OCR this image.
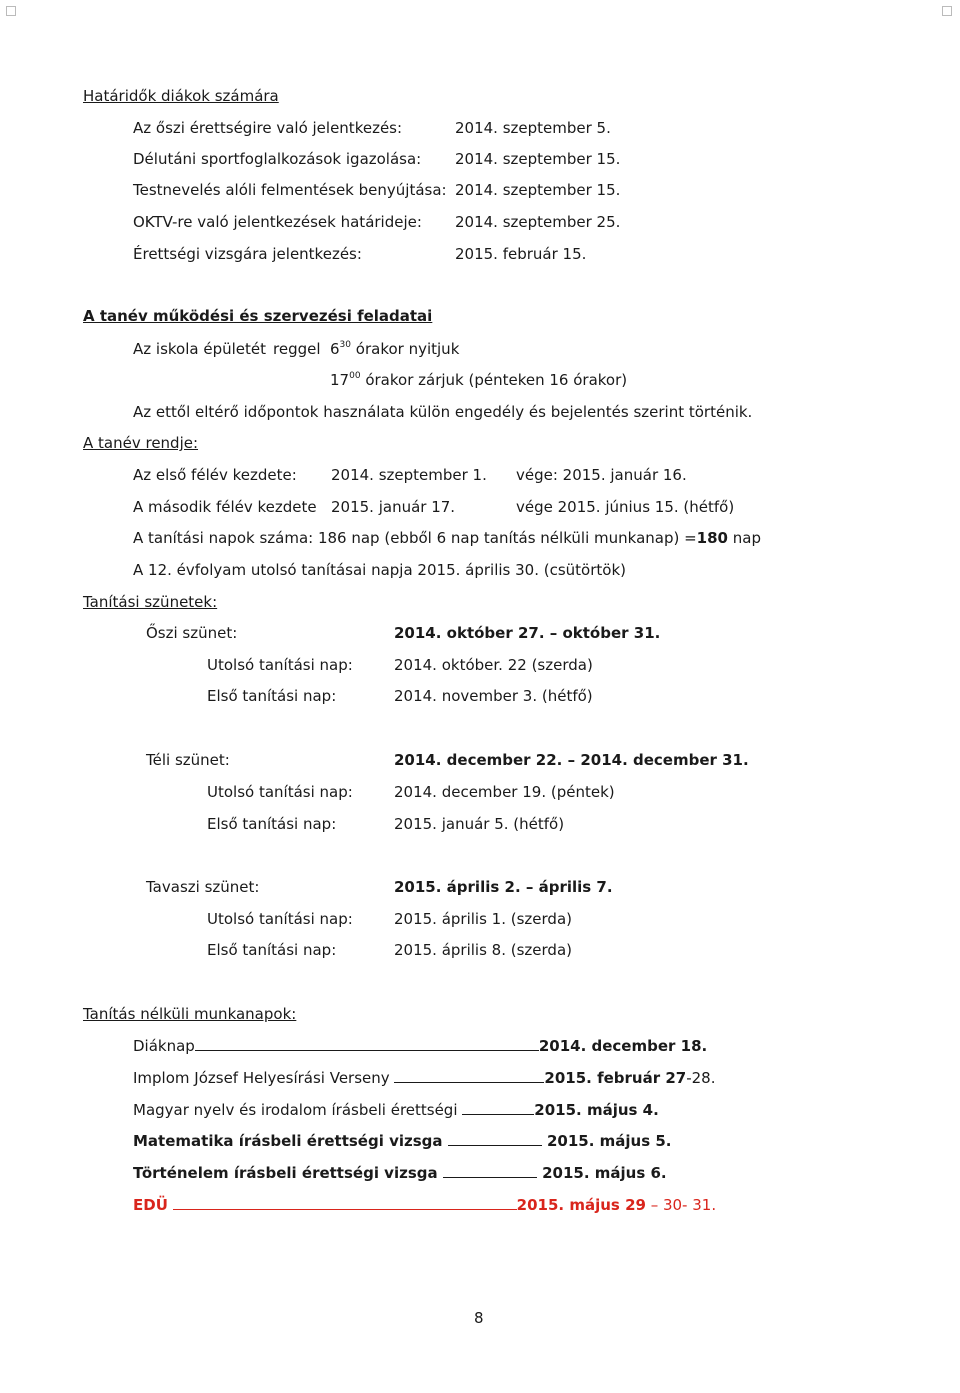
Határidők diákok számára
Az őszi érettségire való jelentkezés:	2014. szeptember 5.
Délutáni sportfoglalkozások igazolása: 2014. szeptember 15.
Testnevelés alóli felmentések benyújtása: 2014. szeptember 15.
OKTV-re való jelentkezések határideje: 2014. szeptember 25.
Érettségi vizsgára jelentkezés:	2015. február 15.
A tanév működési és szervezési feladatai
Az iskola épületét reggel $6^{30}$ órakor nyitjuk
$17^{00}$ órakor zárjuk (pénteken 16 órakor)
Az ettől eltérő időpontok használata külön engedély és bejelentés szerint történik.
A tanév rendje:
Az első félév kezdete: 2014. szeptember 1. vége: 2015. január 16.
A második félév kezdete 2015. január 17.	vége 2015. június 15. (hétfő)
A tanítási napok száma: 186 nap (ebből 6 nap tanítás nélküli munkanap) =180 nap
A 12. évfolyam utolsó tanításai napja 2015. április 30. (csütörtök)
Tanítási szünetek:
Őszi szünet:	2014. október 27. – október 31.
Utolsó tanítási nap:	2014. október. 22 (szerda)
Első tanítási nap:	2014. november 3. (hétfő)
Téli szünet:	2014. december 22. – 2014. december 31.
Utolsó tanítási nap:	2014. december 19. (péntek)
Első tanítási nap:	2015. január 5. (hétfő)
Tavaszi szünet:	2015. április 2. – április 7.
Utolsó tanítási nap:	2015. április 1. (szerda)
Első tanítási nap:	2015. április 8. (szerda)
Tanítás nélküli munkanapok:
Diáknap	2014. december 18.
Implom József Helyesírási Verseny	2015. február 27-28.
Magyar nyelv és irodalom írásbeli érettségi	2015. május 4.
Matematika írásbeli érettségi vizsga	2015. május 5.
Történelem írásbeli érettségi vizsga	2015. május 6.
EDÜ	2015. május 29 – 30- 31.
8
